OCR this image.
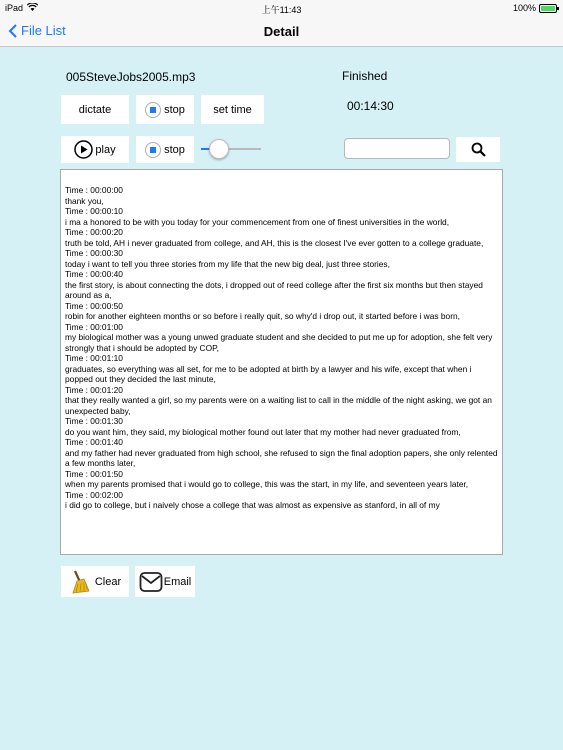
iPad	上午11:43	100%
File List	Detail
005SteveJobs2005.mp3	Finished
00:14:30
dictate	stop	set time
play	stop
Time : 00:00:00
thank you,
Time : 00:00:10
i ma a honored to be with you today for your commencement from one of finest universities in the world,
Time : 00:00:20
truth be told, AH i never graduated from college, and AH, this is the closest I've ever gotten to a college graduate,
Time : 00:00:30
today i want to tell you three stories from my life that the new big deal, just three stories,
Time : 00:00:40
the first story, is about connecting the dots, i dropped out of reed college after the first six months but then stayed around as a,
Time : 00:00:50
robin for another eighteen months or so before i really quit, so why'd i drop out, it started before i was born,
Time : 00:01:00
my biological mother was a young unwed graduate student and she decided to put me up for adoption, she felt very strongly that i should be adopted by COP,
Time : 00:01:10
graduates, so everything was all set, for me to be adopted at birth by a lawyer and his wife, except that when i popped out they decided the last minute,
Time : 00:01:20
that they really wanted a girl, so my parents were on a waiting list to call in the middle of the night asking, we got an unexpected baby,
Time : 00:01:30
do you want him, they said, my biological mother found out later that my mother had never graduated from,
Time : 00:01:40
and my father had never graduated from high school, she refused to sign the final adoption papers, she only relented a few months later,
Time : 00:01:50
when my parents promised that i would go to college, this was the start, in my life, and seventeen years later,
Time : 00:02:00
i did go to college, but i naively chose a college that was almost as expensive as stanford, in all of my
Clear	Email
